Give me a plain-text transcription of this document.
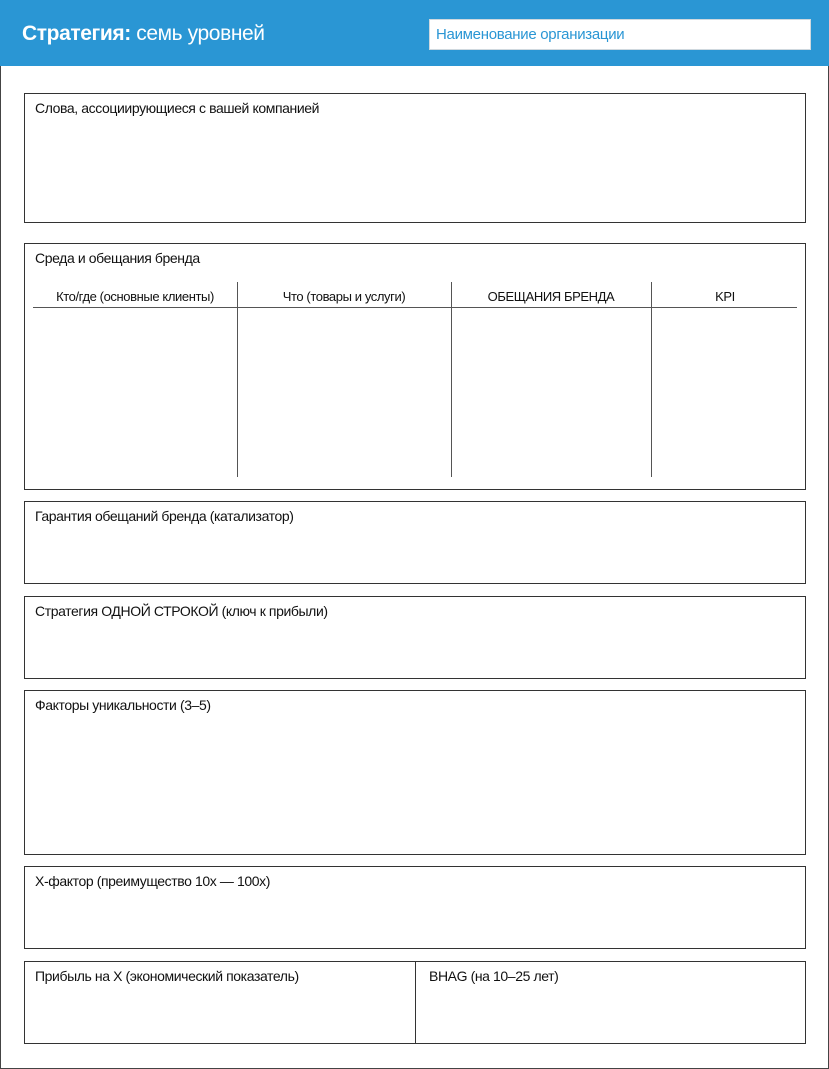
Стратегия: семь уровней	Наименование организации
Слова, ассоциирующиеся с вашей компанией
Среда и обещания бренда
Кто/где (основные клиенты)	Что (товары и услуги)	ОБЕЩАНИЯ БРЕНДА	KPI
Гарантия обещаний бренда (катализатор)
Стратегия ОДНОЙ СТРОКОЙ (ключ к прибыли)
Факторы уникальности (3–5)
Х-фактор (преимущество 10х — 100х)
Прибыль на Х (экономический показатель)	BHAG (на 10–25 лет)
